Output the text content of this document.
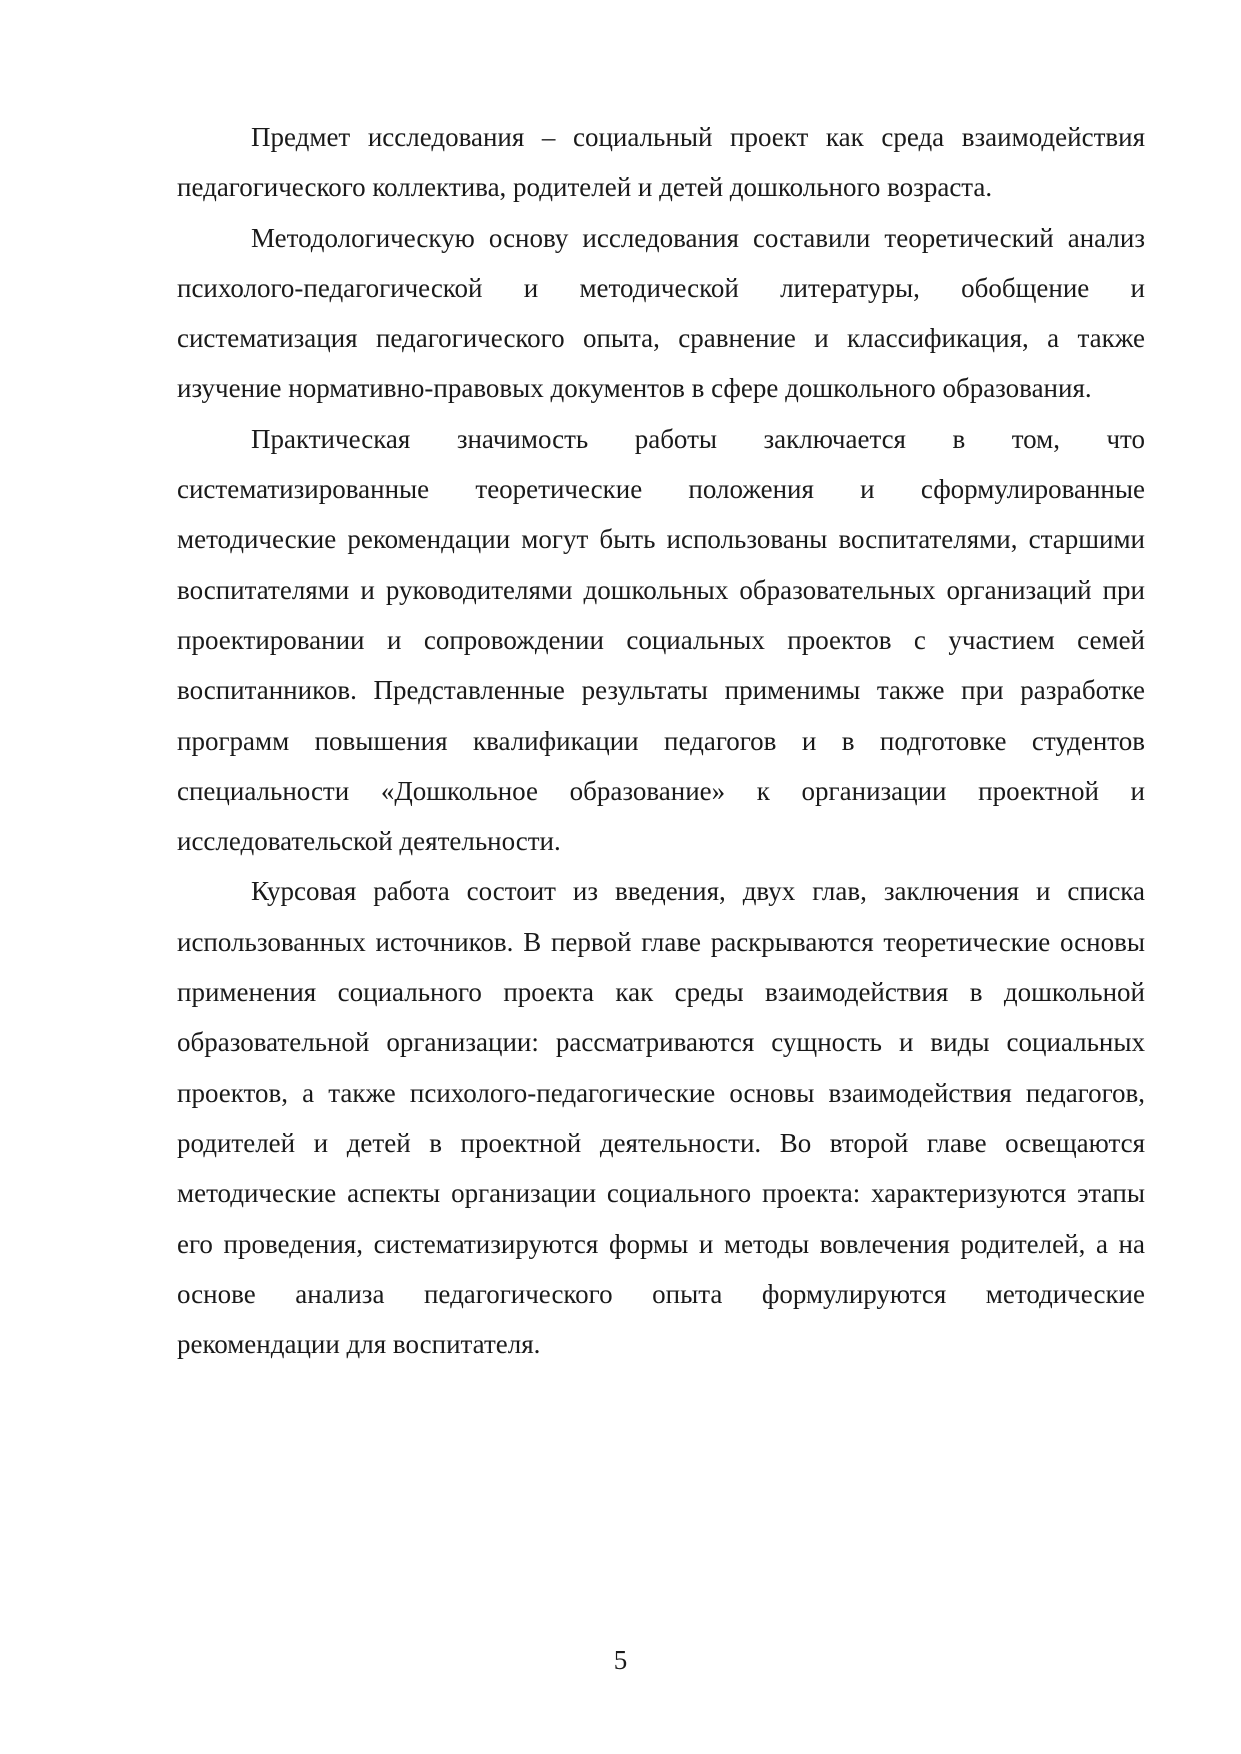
Предмет исследования – социальный проект как среда взаимодействия педагогического коллектива, родителей и детей дошкольного возраста.

Методологическую основу исследования составили теоретический анализ психолого-педагогической и методической литературы, обобщение и систематизация педагогического опыта, сравнение и классификация, а также изучение нормативно-правовых документов в сфере дошкольного образования.

Практическая значимость работы заключается в том, что систематизированные теоретические положения и сформулированные методические рекомендации могут быть использованы воспитателями, старшими воспитателями и руководителями дошкольных образовательных организаций при проектировании и сопровождении социальных проектов с участием семей воспитанников. Представленные результаты применимы также при разработке программ повышения квалификации педагогов и в подготовке студентов специальности «Дошкольное образование» к организации проектной и исследовательской деятельности.

Курсовая работа состоит из введения, двух глав, заключения и списка использованных источников. В первой главе раскрываются теоретические основы применения социального проекта как среды взаимодействия в дошкольной образовательной организации: рассматриваются сущность и виды социальных проектов, а также психолого-педагогические основы взаимодействия педагогов, родителей и детей в проектной деятельности. Во второй главе освещаются методические аспекты организации социального проекта: характеризуются этапы его проведения, систематизируются формы и методы вовлечения родителей, а на основе анализа педагогического опыта формулируются методические рекомендации для воспитателя.

5
